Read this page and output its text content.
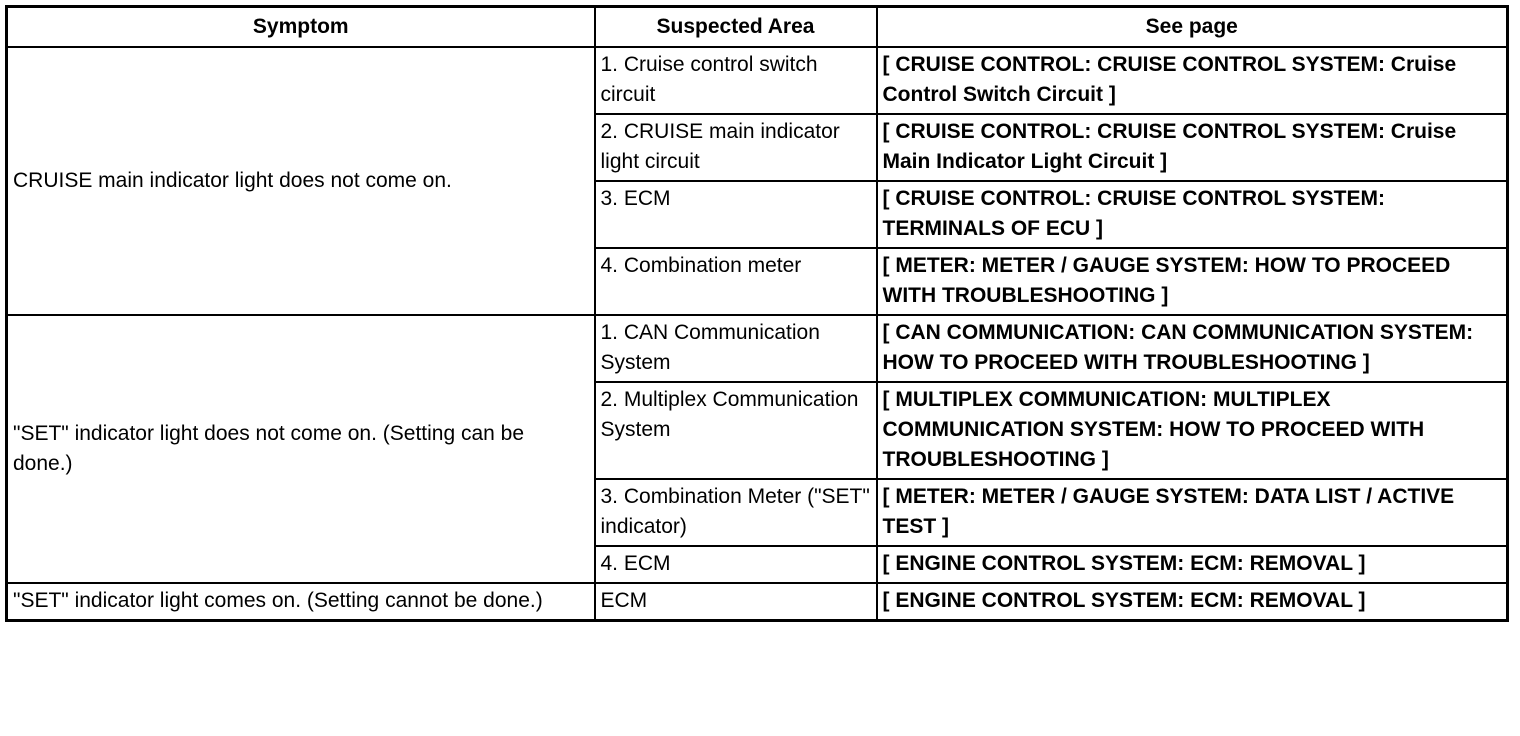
Symptom	Suspected Area	See page
CRUISE main indicator light does not come on.	1. Cruise control switch circuit	[ CRUISE CONTROL: CRUISE CONTROL SYSTEM: Cruise Control Switch Circuit ]
	2. CRUISE main indicator light circuit	[ CRUISE CONTROL: CRUISE CONTROL SYSTEM: Cruise Main Indicator Light Circuit ]
	3. ECM	[ CRUISE CONTROL: CRUISE CONTROL SYSTEM: TERMINALS OF ECU ]
	4. Combination meter	[ METER: METER / GAUGE SYSTEM: HOW TO PROCEED WITH TROUBLESHOOTING ]
"SET" indicator light does not come on. (Setting can be done.)	1. CAN Communication System	[ CAN COMMUNICATION: CAN COMMUNICATION SYSTEM: HOW TO PROCEED WITH TROUBLESHOOTING ]
	2. Multiplex Communication System	[ MULTIPLEX COMMUNICATION: MULTIPLEX COMMUNICATION SYSTEM: HOW TO PROCEED WITH TROUBLESHOOTING ]
	3. Combination Meter ("SET" indicator)	[ METER: METER / GAUGE SYSTEM: DATA LIST / ACTIVE TEST ]
	4. ECM	[ ENGINE CONTROL SYSTEM: ECM: REMOVAL ]
"SET" indicator light comes on. (Setting cannot be done.)	ECM	[ ENGINE CONTROL SYSTEM: ECM: REMOVAL ]
